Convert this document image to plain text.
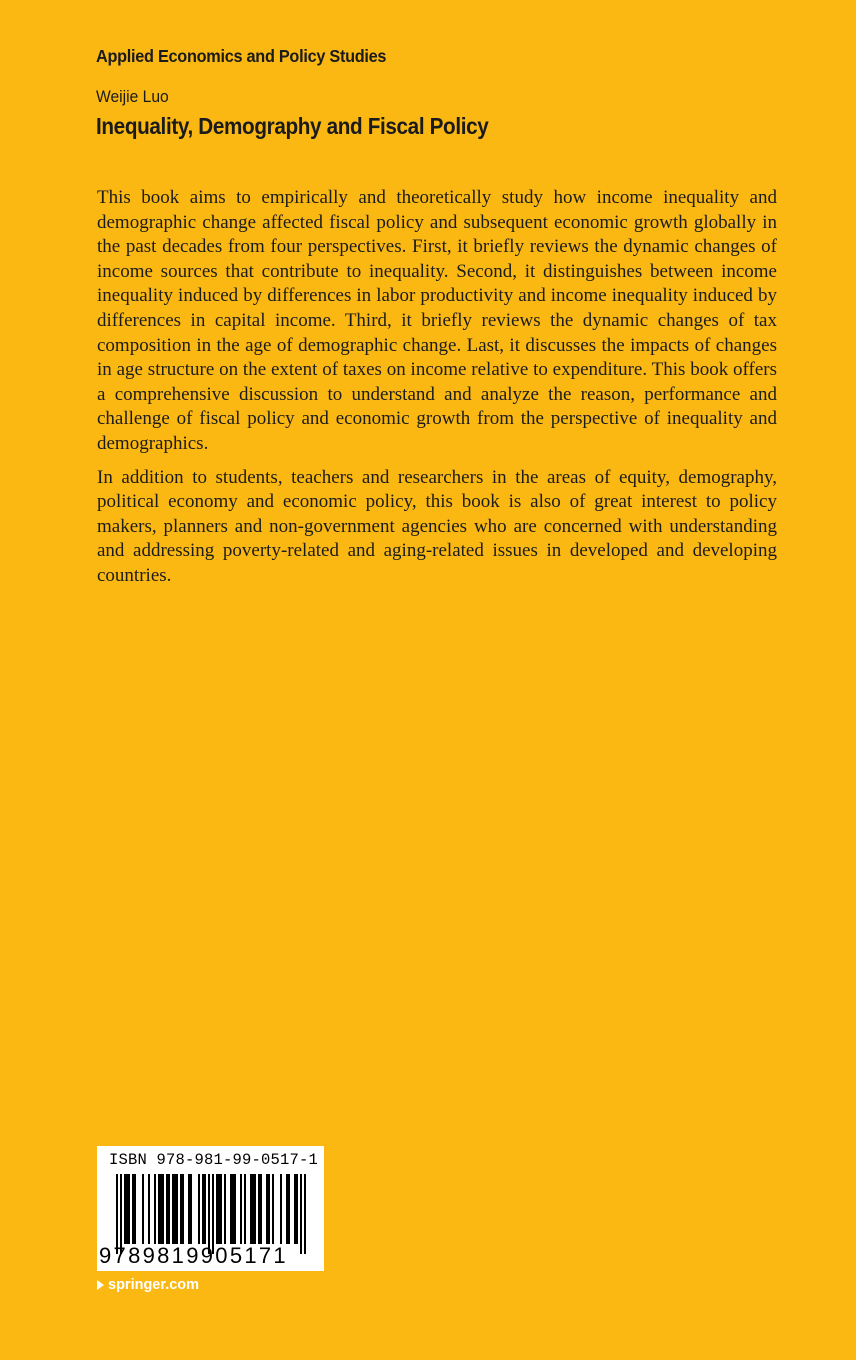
Applied Economics and Policy Studies
Weijie Luo
Inequality, Demography and Fiscal Policy

This book aims to empirically and theoretically study how income inequality and demographic change affected fiscal policy and subsequent economic growth globally in the past decades from four perspectives. First, it briefly reviews the dynamic changes of income sources that contribute to inequality. Second, it distinguishes between income inequality induced by differences in labor productivity and income inequality induced by differences in capital income. Third, it briefly reviews the dynamic changes of tax composition in the age of demographic change. Last, it discusses the impacts of changes in age structure on the extent of taxes on income relative to expenditure. This book offers a comprehensive discussion to understand and analyze the reason, performance and challenge of fiscal policy and economic growth from the perspective of inequality and demographics.

In addition to students, teachers and researchers in the areas of equity, demography, political economy and economic policy, this book is also of great interest to policy makers, planners and non-government agencies who are concerned with understanding and addressing poverty-related and aging-related issues in developed and developing countries.

ISBN 978-981-99-0517-1
9789819905171
springer.com
